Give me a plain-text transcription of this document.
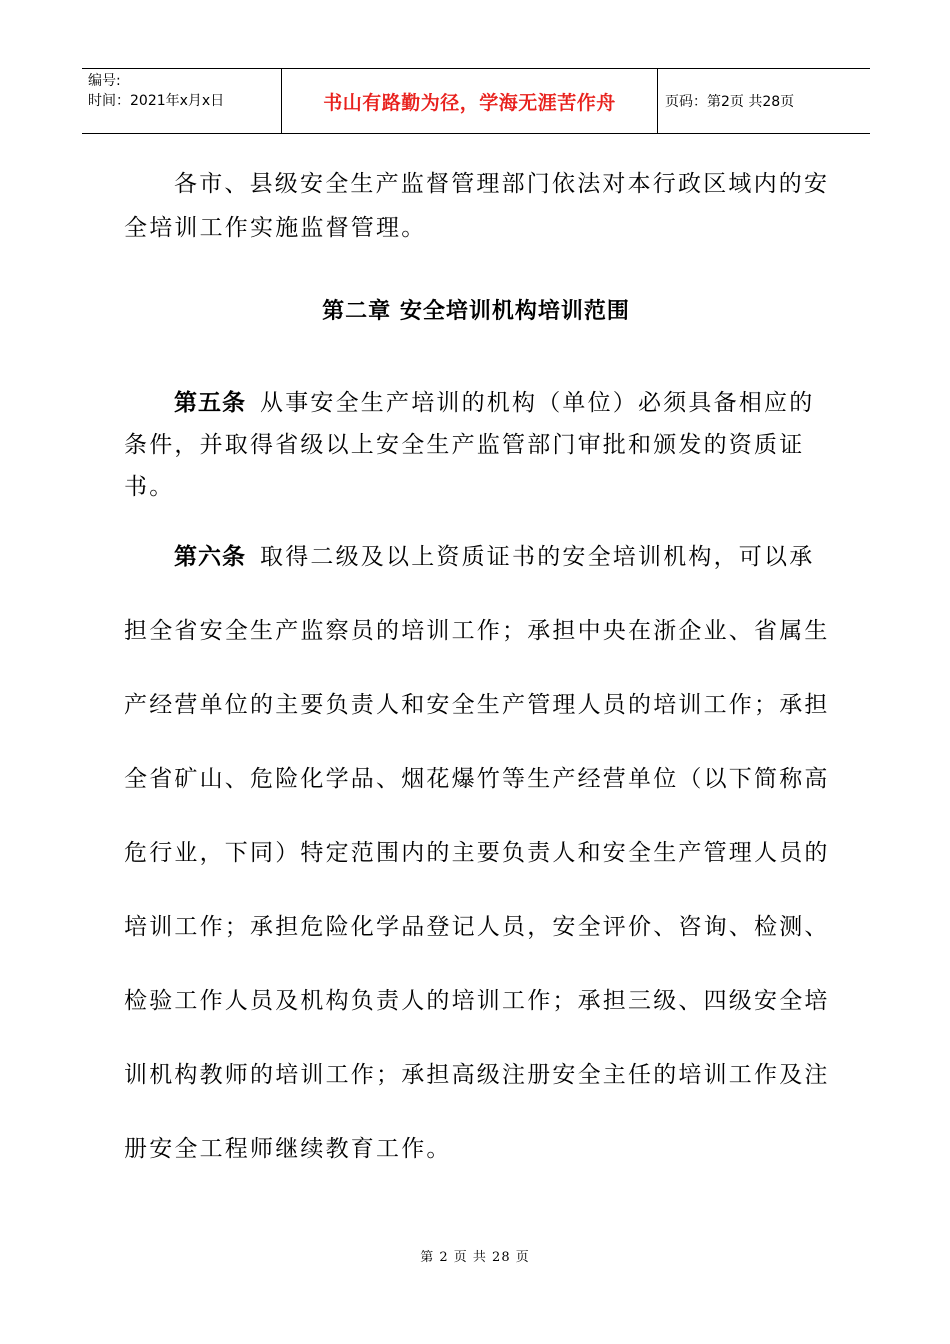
编号:
时间：2021年x月x日	书山有路勤为径，学海无涯苦作舟	页码：第2页 共28页
各市、县级安全生产监督管理部门依法对本行政区域内的安全培训工作实施监督管理。
第二章 安全培训机构培训范围
第五条 从事安全生产培训的机构（单位）必须具备相应的条件，并取得省级以上安全生产监管部门审批和颁发的资质证书。
第六条 取得二级及以上资质证书的安全培训机构，可以承担全省安全生产监察员的培训工作；承担中央在浙企业、省属生产经营单位的主要负责人和安全生产管理人员的培训工作；承担全省矿山、危险化学品、烟花爆竹等生产经营单位（以下简称高危行业，下同）特定范围内的主要负责人和安全生产管理人员的培训工作；承担危险化学品登记人员，安全评价、咨询、检测、检验工作人员及机构负责人的培训工作；承担三级、四级安全培训机构教师的培训工作；承担高级注册安全主任的培训工作及注册安全工程师继续教育工作。
第 2 页 共 28 页
